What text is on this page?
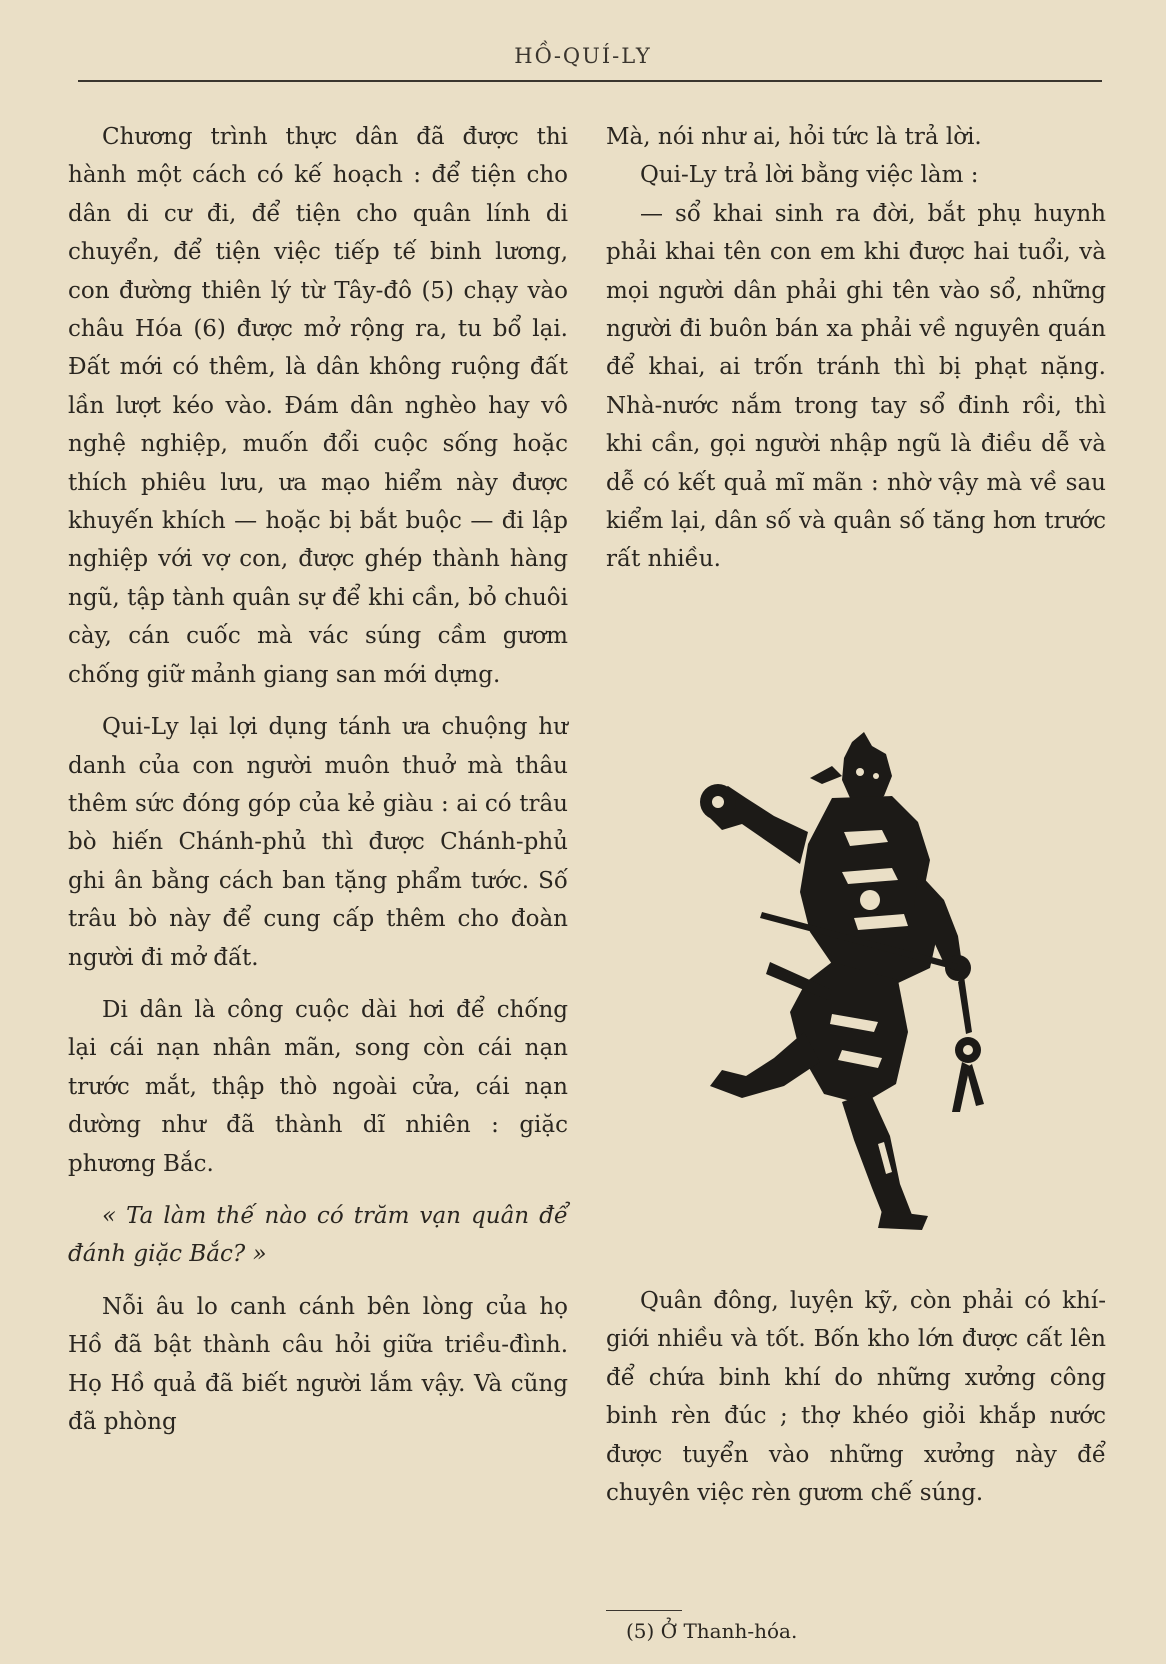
HỒ-QUÍ-LY

Chương trình thực dân đã được thi hành một cách có kế hoạch : để tiện cho dân di cư đi, để tiện cho quân lính di chuyển, để tiện việc tiếp tế binh lương, con đường thiên lý từ Tây-đô (5) chạy vào châu Hóa (6) được mở rộng ra, tu bổ lại. Đất mới có thêm, là dân không ruộng đất lần lượt kéo vào. Đám dân nghèo hay vô nghệ nghiệp, muốn đổi cuộc sống hoặc thích phiêu lưu, ưa mạo hiểm này được khuyến khích — hoặc bị bắt buộc — đi lập nghiệp với vợ con, được ghép thành hàng ngũ, tập tành quân sự để khi cần, bỏ chuôi cày, cán cuốc mà vác súng cầm gươm chống giữ mảnh giang san mới dựng.

Qui-Ly lại lợi dụng tánh ưa chuộng hư danh của con người muôn thuở mà thâu thêm sức đóng góp của kẻ giàu : ai có trâu bò hiến Chánh-phủ thì được Chánh-phủ ghi ân bằng cách ban tặng phẩm tước. Số trâu bò này để cung cấp thêm cho đoàn người đi mở đất.

Di dân là công cuộc dài hơi để chống lại cái nạn nhân mãn, song còn cái nạn trước mắt, thập thò ngoài cửa, cái nạn dường như đã thành dĩ nhiên : giặc phương Bắc.

« Ta làm thế nào có trăm vạn quân để đánh giặc Bắc? »

Nỗi âu lo canh cánh bên lòng của họ Hồ đã bật thành câu hỏi giữa triều-đình. Họ Hồ quả đã biết người lắm vậy. Và cũng đã phòng

Mà, nói như ai, hỏi tức là trả lời.

Qui-Ly trả lời bằng việc làm :

— sổ khai sinh ra đời, bắt phụ huynh phải khai tên con em khi được hai tuổi, và mọi người dân phải ghi tên vào sổ, những người đi buôn bán xa phải về nguyên quán để khai, ai trốn tránh thì bị phạt nặng. Nhà-nước nắm trong tay sổ đinh rồi, thì khi cần, gọi người nhập ngũ là điều dễ và dễ có kết quả mĩ mãn : nhờ vậy mà về sau kiểm lại, dân số và quân số tăng hơn trước rất nhiều.

Quân đông, luyện kỹ, còn phải có khí-giới nhiều và tốt. Bốn kho lớn được cất lên để chứa binh khí do những xưởng công binh rèn đúc ; thợ khéo giỏi khắp nước được tuyển vào những xưởng này để chuyên việc rèn gươm chế súng.

(5) Ở Thanh-hóa.
